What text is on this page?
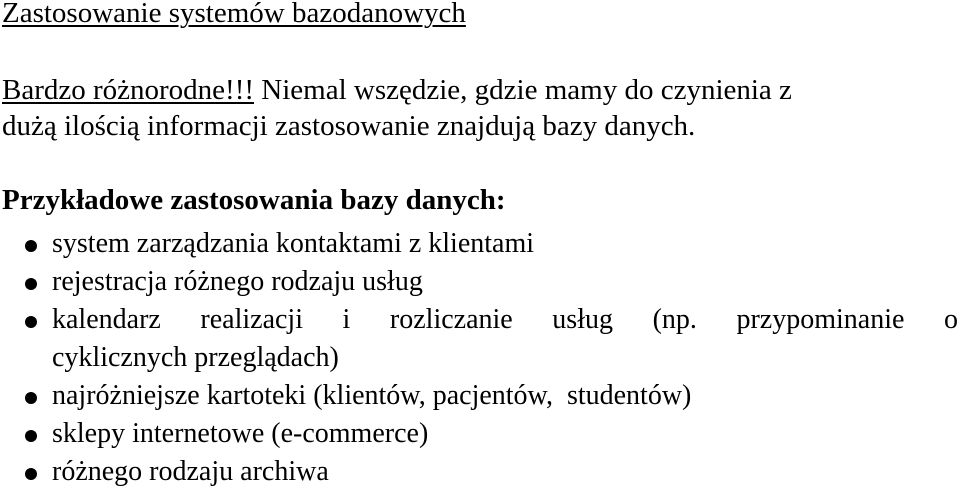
Zastosowanie systemów bazodanowych
Bardzo różnorodne!!! Niemal wszędzie, gdzie mamy do czynienia z
dużą ilością informacji zastosowanie znajdują bazy danych.
Przykładowe zastosowania bazy danych:
system zarządzania kontaktami z klientami
rejestracja różnego rodzaju usług
kalendarz realizacji i rozliczanie usług (np. przypominanie o
cyklicznych przeglądach)
najróżniejsze kartoteki (klientów, pacjentów,  studentów)
sklepy internetowe (e-commerce)
różnego rodzaju archiwa
